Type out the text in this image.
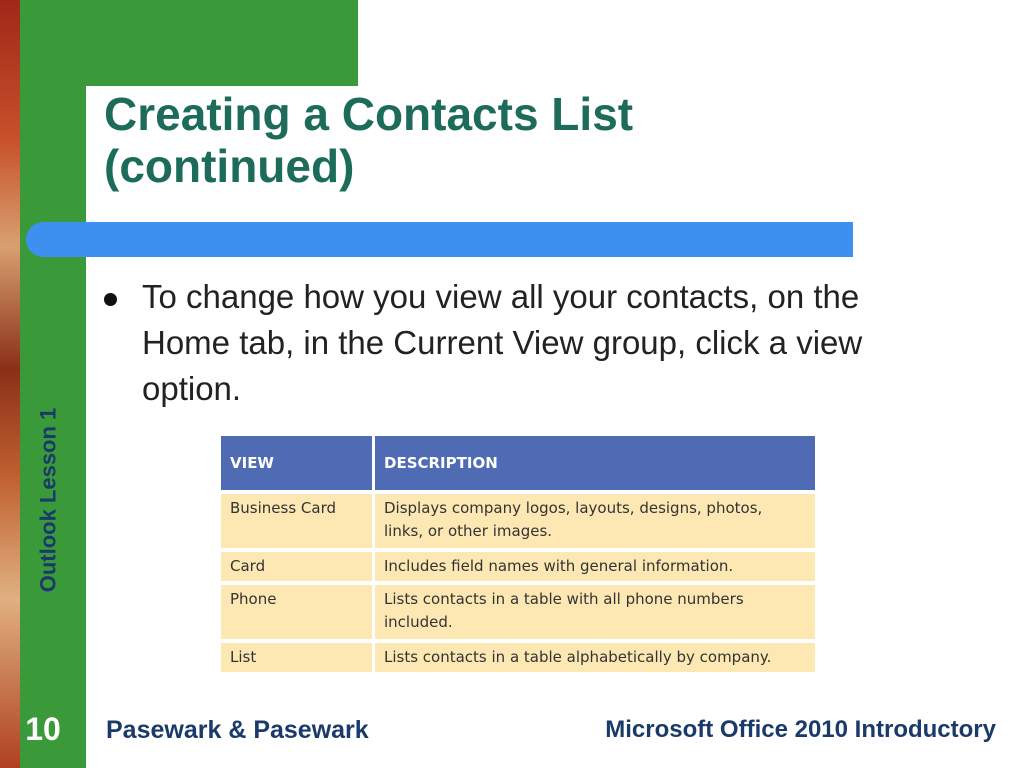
Outlook Lesson 1
Creating a Contacts List
(continued)
To change how you view all your contacts, on the Home tab, in the Current View group, click a view option.
VIEW	DESCRIPTION

Business Card	Displays company logos, layouts, designs, photos, links, or other images.

Card	Includes field names with general information.

Phone	Lists contacts in a table with all phone numbers included.

List	Lists contacts in a table alphabetically by company.
10 Pasewark & Pasewark	Microsoft Office 2010 Introductory
